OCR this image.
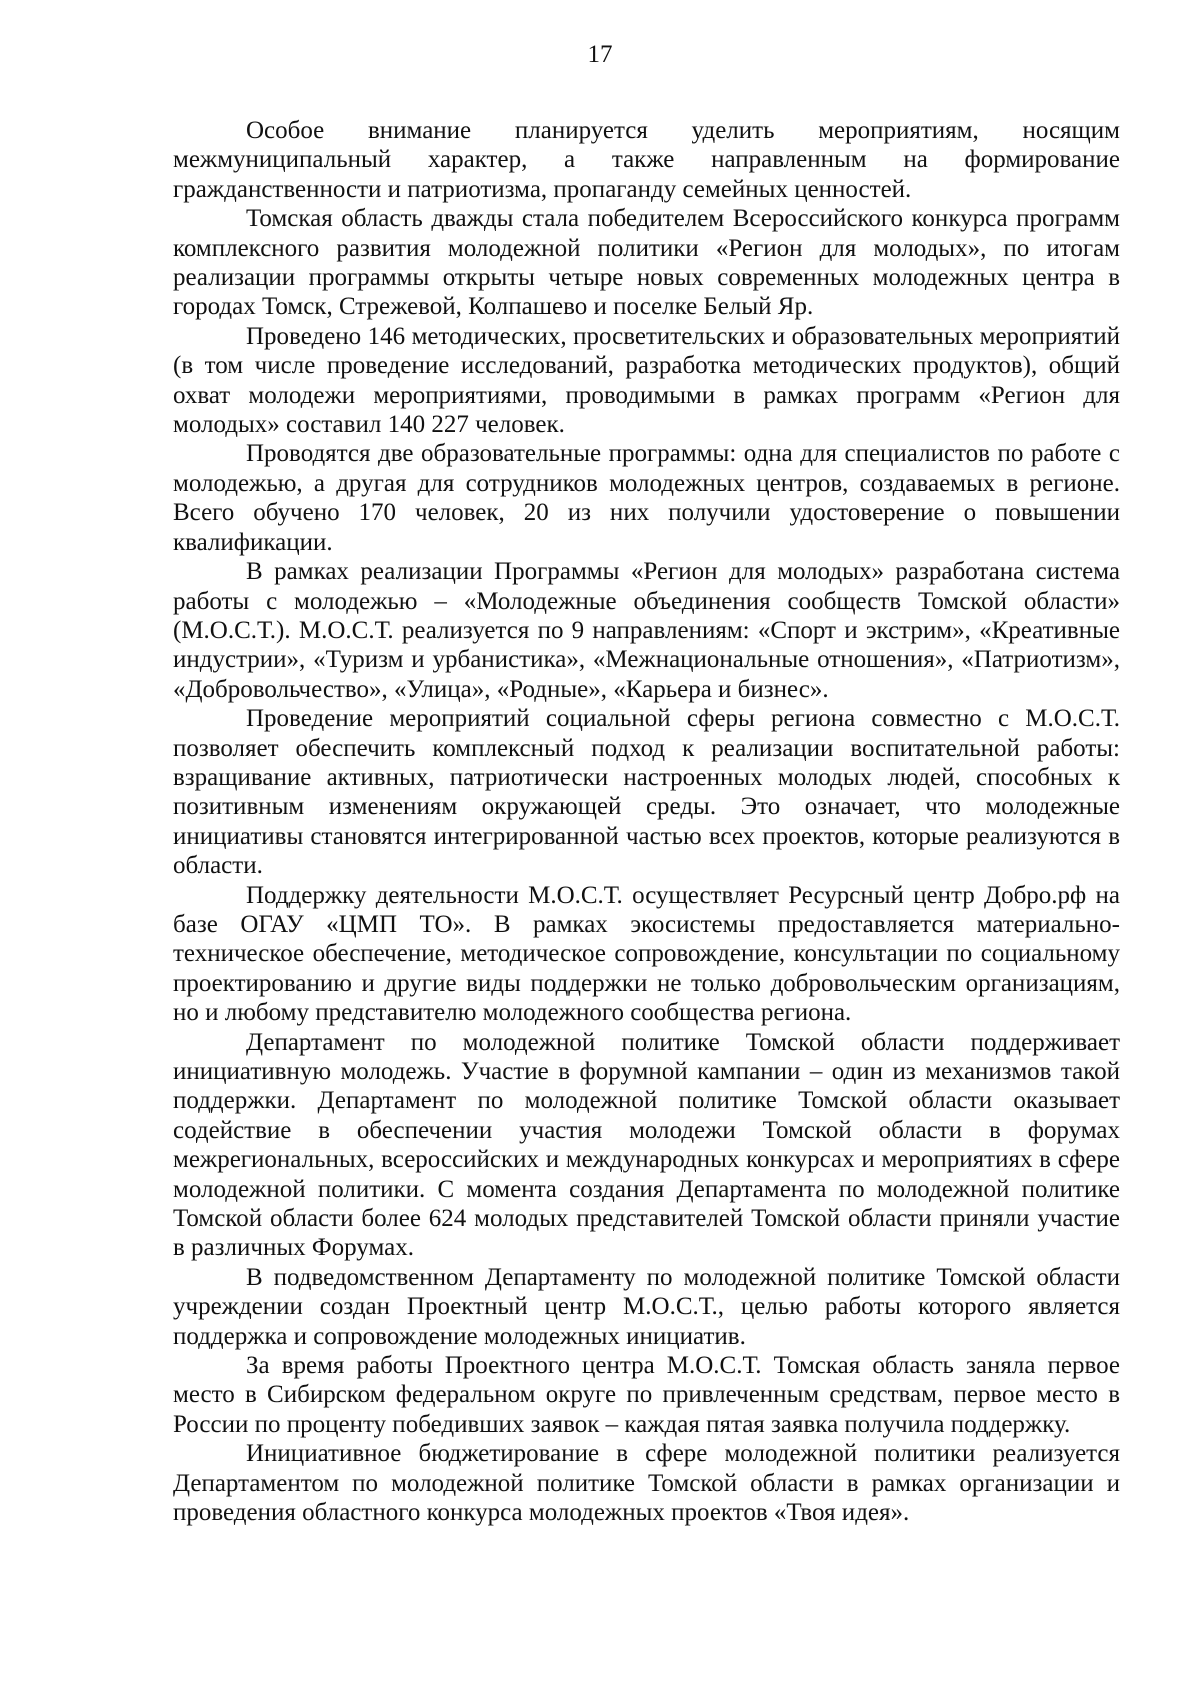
17

Особое внимание планируется уделить мероприятиям, носящим межмуниципальный характер, а также направленным на формирование гражданственности и патриотизма, пропаганду семейных ценностей.

Томская область дважды стала победителем Всероссийского конкурса программ комплексного развития молодежной политики «Регион для молодых», по итогам реализации программы открыты четыре новых современных молодежных центра в городах Томск, Стрежевой, Колпашево и поселке Белый Яр.

Проведено 146 методических, просветительских и образовательных мероприятий (в том числе проведение исследований, разработка методических продуктов), общий охват молодежи мероприятиями, проводимыми в рамках программ «Регион для молодых» составил 140 227 человек.

Проводятся две образовательные программы: одна для специалистов по работе с молодежью, а другая для сотрудников молодежных центров, создаваемых в регионе. Всего обучено 170 человек, 20 из них получили удостоверение о повышении квалификации.

В рамках реализации Программы «Регион для молодых» разработана система работы с молодежью – «Молодежные объединения сообществ Томской области» (М.О.С.Т.). М.О.С.Т. реализуется по 9 направлениям: «Спорт и экстрим», «Креативные индустрии», «Туризм и урбанистика», «Межнациональные отношения», «Патриотизм», «Добровольчество», «Улица», «Родные», «Карьера и бизнес».

Проведение мероприятий социальной сферы региона совместно с М.О.С.Т. позволяет обеспечить комплексный подход к реализации воспитательной работы: взращивание активных, патриотически настроенных молодых людей, способных к позитивным изменениям окружающей среды. Это означает, что молодежные инициативы становятся интегрированной частью всех проектов, которые реализуются в области.

Поддержку деятельности М.О.С.Т. осуществляет Ресурсный центр Добро.рф на базе ОГАУ «ЦМП ТО». В рамках экосистемы предоставляется материально-техническое обеспечение, методическое сопровождение, консультации по социальному проектированию и другие виды поддержки не только добровольческим организациям, но и любому представителю молодежного сообщества региона.

Департамент по молодежной политике Томской области поддерживает инициативную молодежь. Участие в форумной кампании – один из механизмов такой поддержки. Департамент по молодежной политике Томской области оказывает содействие в обеспечении участия молодежи Томской области в форумах межрегиональных, всероссийских и международных конкурсах и мероприятиях в сфере молодежной политики. С момента создания Департамента по молодежной политике Томской области более 624 молодых представителей Томской области приняли участие в различных Форумах.

В подведомственном Департаменту по молодежной политике Томской области учреждении создан Проектный центр М.О.С.Т., целью работы которого является поддержка и сопровождение молодежных инициатив.

За время работы Проектного центра М.О.С.Т. Томская область заняла первое место в Сибирском федеральном округе по привлеченным средствам, первое место в России по проценту победивших заявок – каждая пятая заявка получила поддержку.

Инициативное бюджетирование в сфере молодежной политики реализуется Департаментом по молодежной политике Томской области в рамках организации и проведения областного конкурса молодежных проектов «Твоя идея».
